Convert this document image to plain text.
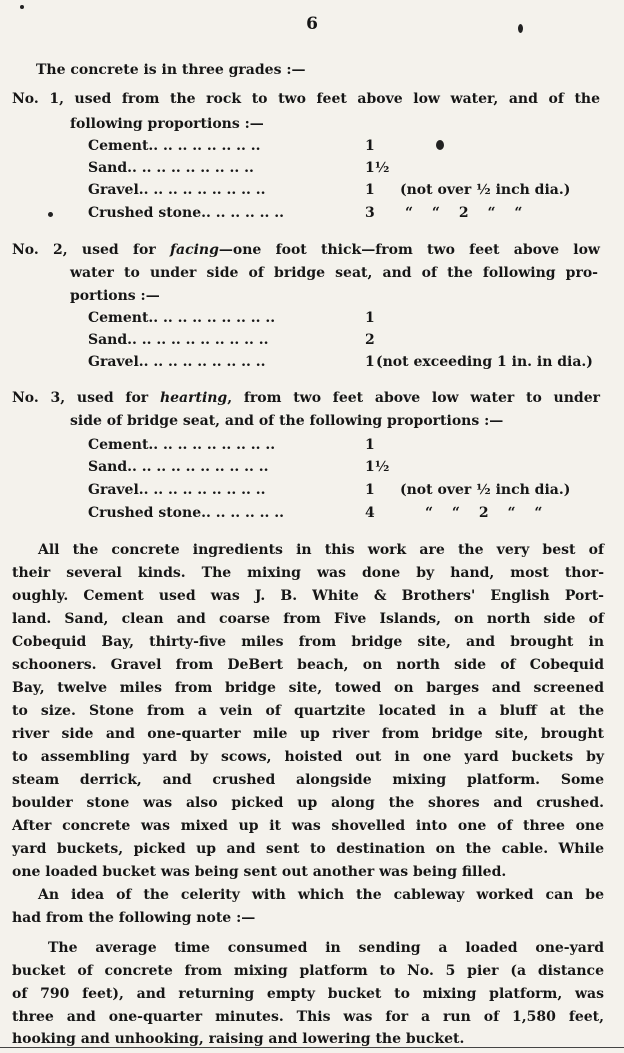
6
The concrete is in three grades :—
No. 1, used from the rock to two feet above low water, and of the
following proportions :—
Cement.. .. .. .. .. .. .. ..	1
Sand.. .. .. .. .. .. .. .. ..	1½
Gravel.. .. .. .. .. .. .. .. ..	1 (not over ½ inch dia.)
Crushed stone.. .. .. .. .. ..	3 “ “ 2 “ “
No. 2, used for facing—one foot thick—from two feet above low
water to under side of bridge seat, and of the following pro-
portions :—
Cement.. .. .. .. .. .. .. .. ..	1
Sand.. .. .. .. .. .. .. .. .. ..	2
Gravel.. .. .. .. .. .. .. .. ..	1 (not exceeding 1 in. in dia.)
No. 3, used for hearting, from two feet above low water to under
side of bridge seat, and of the following proportions :—
Cement.. .. .. .. .. .. .. .. ..	1
Sand.. .. .. .. .. .. .. .. .. ..	1½
Gravel.. .. .. .. .. .. .. .. ..	1 (not over ½ inch dia.)
Crushed stone.. .. .. .. .. ..	4	“ “ 2 “ “
All the concrete ingredients in this work are the very best of
their several kinds. The mixing was done by hand, most thor-
oughly. Cement used was J. B. White & Brothers' English Port-
land. Sand, clean and coarse from Five Islands, on north side of
Cobequid Bay, thirty-five miles from bridge site, and brought in
schooners. Gravel from DeBert beach, on north side of Cobequid
Bay, twelve miles from bridge site, towed on barges and screened
to size. Stone from a vein of quartzite located in a bluff at the
river side and one-quarter mile up river from bridge site, brought
to assembling yard by scows, hoisted out in one yard buckets by
steam derrick, and crushed alongside mixing platform. Some
boulder stone was also picked up along the shores and crushed.
After concrete was mixed up it was shovelled into one of three one
yard buckets, picked up and sent to destination on the cable. While
one loaded bucket was being sent out another was being filled.
An idea of the celerity with which the cableway worked can be
had from the following note :—
The average time consumed in sending a loaded one-yard
bucket of concrete from mixing platform to No. 5 pier (a distance
of 790 feet), and returning empty bucket to mixing platform, was
three and one-quarter minutes. This was for a run of 1,580 feet,
hooking and unhooking, raising and lowering the bucket.
